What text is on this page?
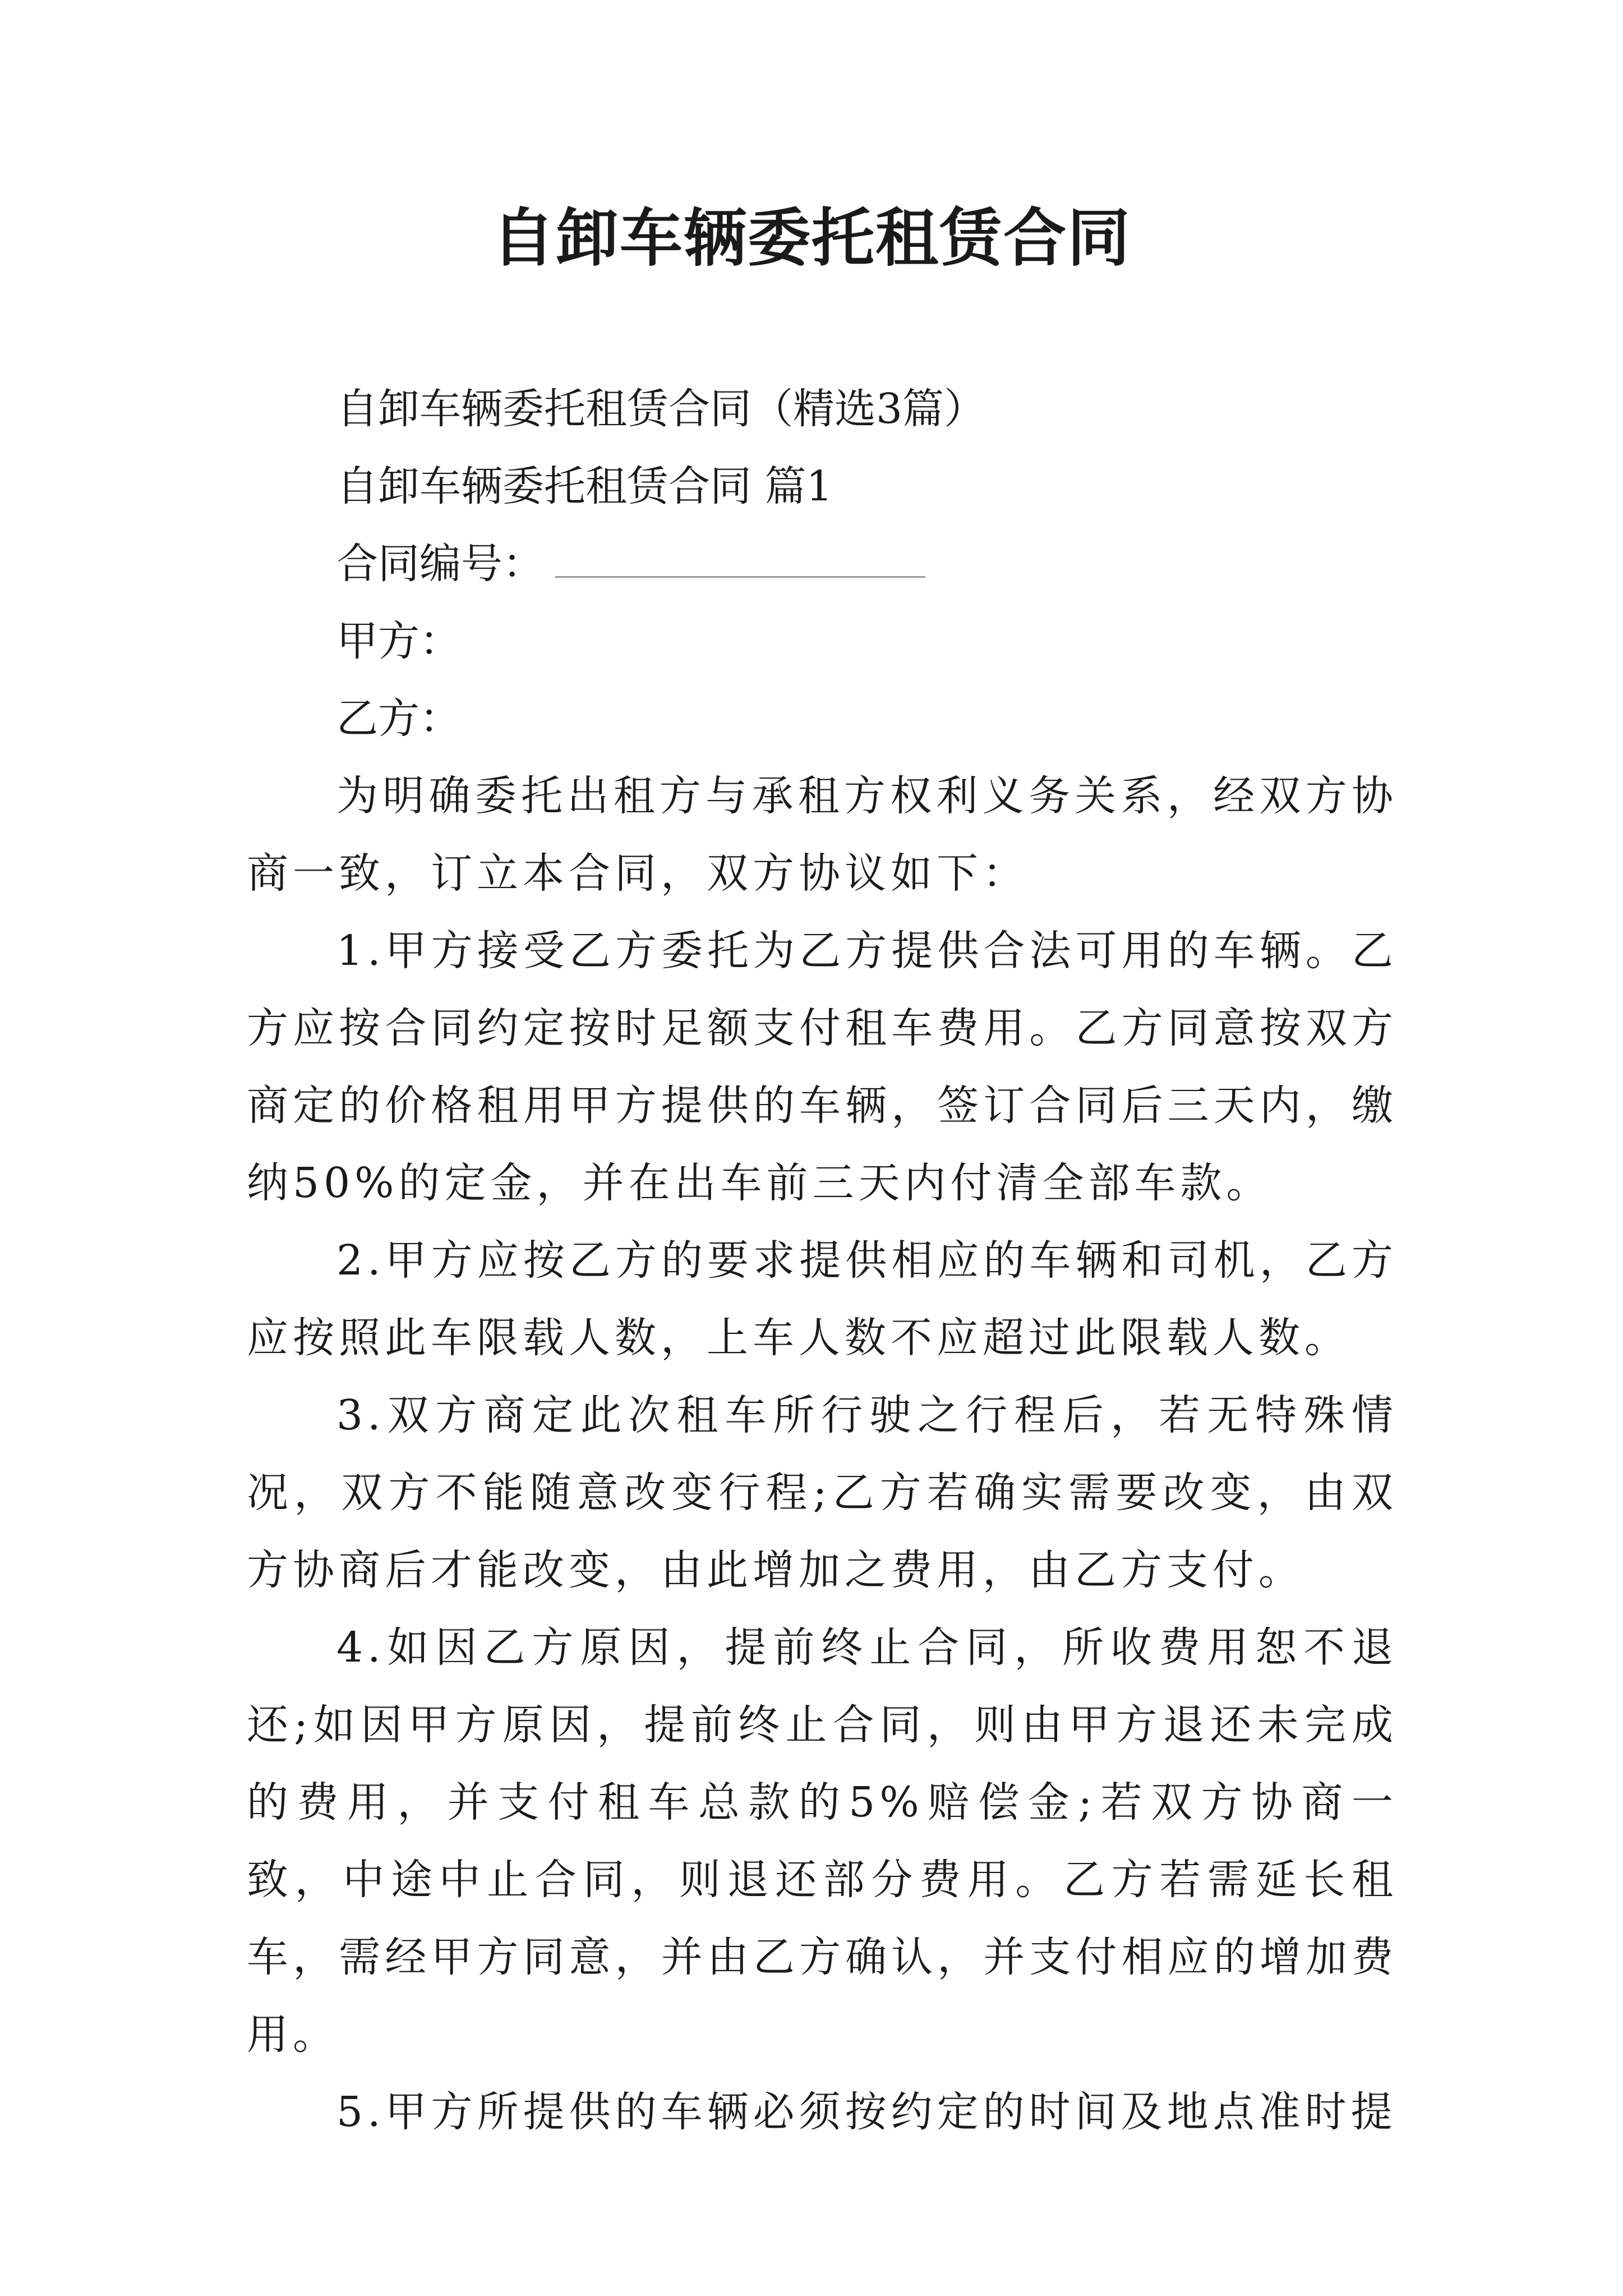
自卸车辆委托租赁合同

自卸车辆委托租赁合同（精选3篇）

自卸车辆委托租赁合同 篇1

合同编号：

甲方：

乙方：

为明确委托出租方与承租方权利义务关系，经双方协商一致，订立本合同，双方协议如下：

1.甲方接受乙方委托为乙方提供合法可用的车辆。乙方应按合同约定按时足额支付租车费用。乙方同意按双方商定的价格租用甲方提供的车辆，签订合同后三天内，缴纳50%的定金，并在出车前三天内付清全部车款。

2.甲方应按乙方的要求提供相应的车辆和司机，乙方应按照此车限载人数，上车人数不应超过此限载人数。

3.双方商定此次租车所行驶之行程后，若无特殊情况，双方不能随意改变行程;乙方若确实需要改变，由双方协商后才能改变，由此增加之费用，由乙方支付。

4.如因乙方原因，提前终止合同，所收费用恕不退还;如因甲方原因，提前终止合同，则由甲方退还未完成的费用，并支付租车总款的5%赔偿金;若双方协商一致，中途中止合同，则退还部分费用。乙方若需延长租车，需经甲方同意，并由乙方确认，并支付相应的增加费用。

5.甲方所提供的车辆必须按约定的时间及地点准时提
